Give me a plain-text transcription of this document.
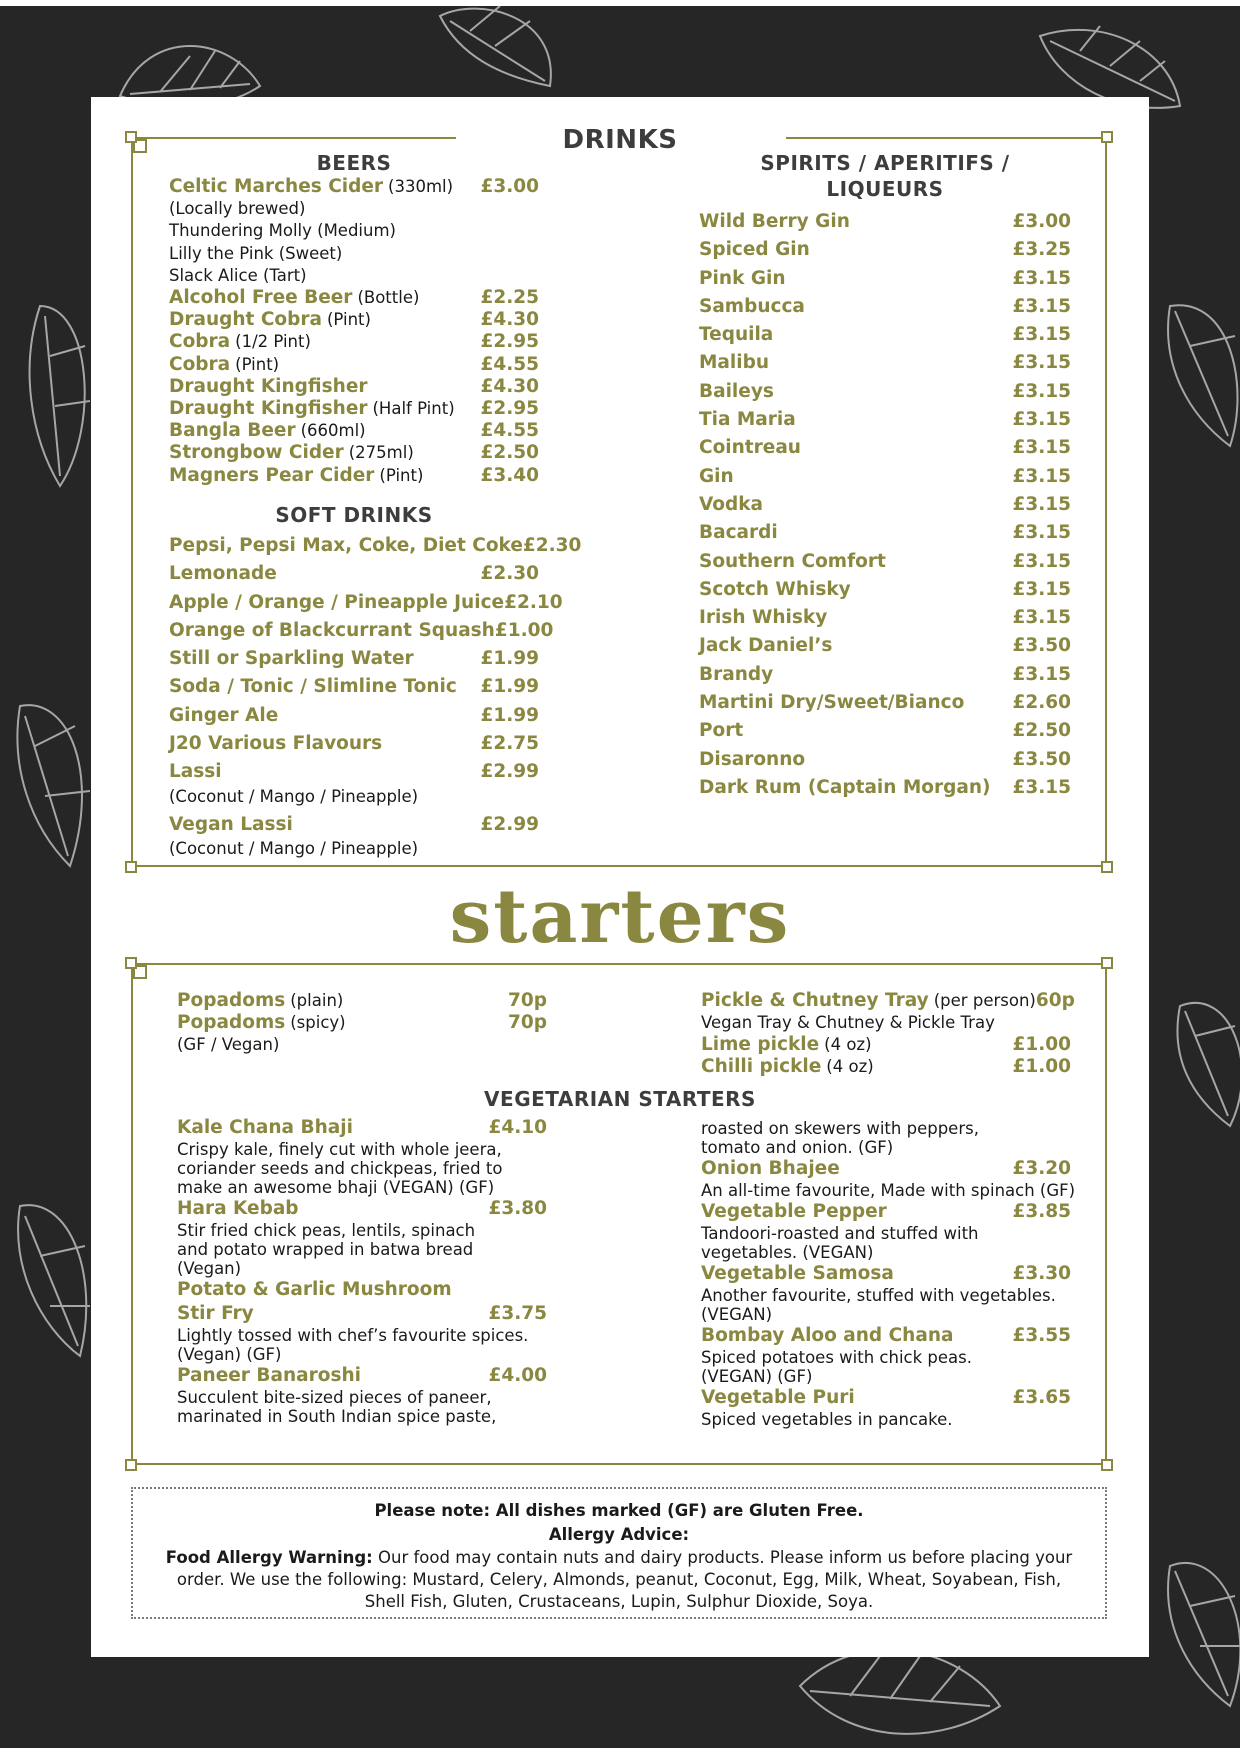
DRINKS
BEERS
Celtic Marches Cider (330ml) £3.00
(Locally brewed)
Thundering Molly (Medium)
Lilly the Pink (Sweet)
Slack Alice (Tart)
Alcohol Free Beer (Bottle)	£2.25
Draught Cobra (Pint)	£4.30
Cobra (1/2 Pint)	£2.95
Cobra (Pint)	£4.55
Draught Kingfisher	£4.30
Draught Kingfisher (Half Pint) £2.95
Bangla Beer (660ml)	£4.55
Strongbow Cider (275ml)	£2.50
Magners Pear Cider (Pint)	£3.40
SOFT DRINKS
Pepsi, Pepsi Max, Coke, Diet Coke £2.30
Lemonade	£2.30
Apple / Orange / Pineapple Juice £2.10
Orange of Blackcurrant Squash £1.00
Still or Sparkling Water	£1.99
Soda / Tonic / Slimline Tonic £1.99
Ginger Ale	£1.99
J20 Various Flavours	£2.75
Lassi	£2.99
(Coconut / Mango / Pineapple)
Vegan Lassi	£2.99
(Coconut / Mango / Pineapple)
SPIRITS / APERITIFS / LIQUEURS
Wild Berry Gin	£3.00
Spiced Gin	£3.25
Pink Gin	£3.15
Sambucca	£3.15
Tequila	£3.15
Malibu	£3.15
Baileys	£3.15
Tia Maria	£3.15
Cointreau	£3.15
Gin	£3.15
Vodka	£3.15
Bacardi	£3.15
Southern Comfort	£3.15
Scotch Whisky	£3.15
Irish Whisky	£3.15
Jack Daniel’s	£3.50
Brandy	£3.15
Martini Dry/Sweet/Bianco	£2.60
Port	£2.50
Disaronno	£3.50
Dark Rum (Captain Morgan) £3.15
starters
Popadoms (plain)	70p
Popadoms (spicy)	70p
(GF / Vegan)
Pickle & Chutney Tray (per person) 60p
Vegan Tray & Chutney & Pickle Tray
Lime pickle (4 oz)	£1.00
Chilli pickle (4 oz)	£1.00
VEGETARIAN STARTERS
Kale Chana Bhaji	£4.10
Crispy kale, finely cut with whole jeera,
coriander seeds and chickpeas, fried to
make an awesome bhaji (VEGAN) (GF)
Hara Kebab	£3.80
Stir fried chick peas, lentils, spinach
and potato wrapped in batwa bread
(Vegan)
Potato & Garlic Mushroom
Stir Fry	£3.75
Lightly tossed with chef’s favourite spices.
(Vegan) (GF)
Paneer Banaroshi	£4.00
Succulent bite-sized pieces of paneer,
marinated in South Indian spice paste,
roasted on skewers with peppers,
tomato and onion. (GF)
Onion Bhajee	£3.20
An all-time favourite, Made with spinach (GF)
Vegetable Pepper	£3.85
Tandoori-roasted and stuffed with
vegetables. (VEGAN)
Vegetable Samosa	£3.30
Another favourite, stuffed with vegetables.
(VEGAN)
Bombay Aloo and Chana	£3.55
Spiced potatoes with chick peas.
(VEGAN) (GF)
Vegetable Puri	£3.65
Spiced vegetables in pancake.
Please note: All dishes marked (GF) are Gluten Free.
Allergy Advice:
Food Allergy Warning: Our food may contain nuts and dairy products. Please inform us before placing your
order. We use the following: Mustard, Celery, Almonds, peanut, Coconut, Egg, Milk, Wheat, Soyabean, Fish,
Shell Fish, Gluten, Crustaceans, Lupin, Sulphur Dioxide, Soya.
